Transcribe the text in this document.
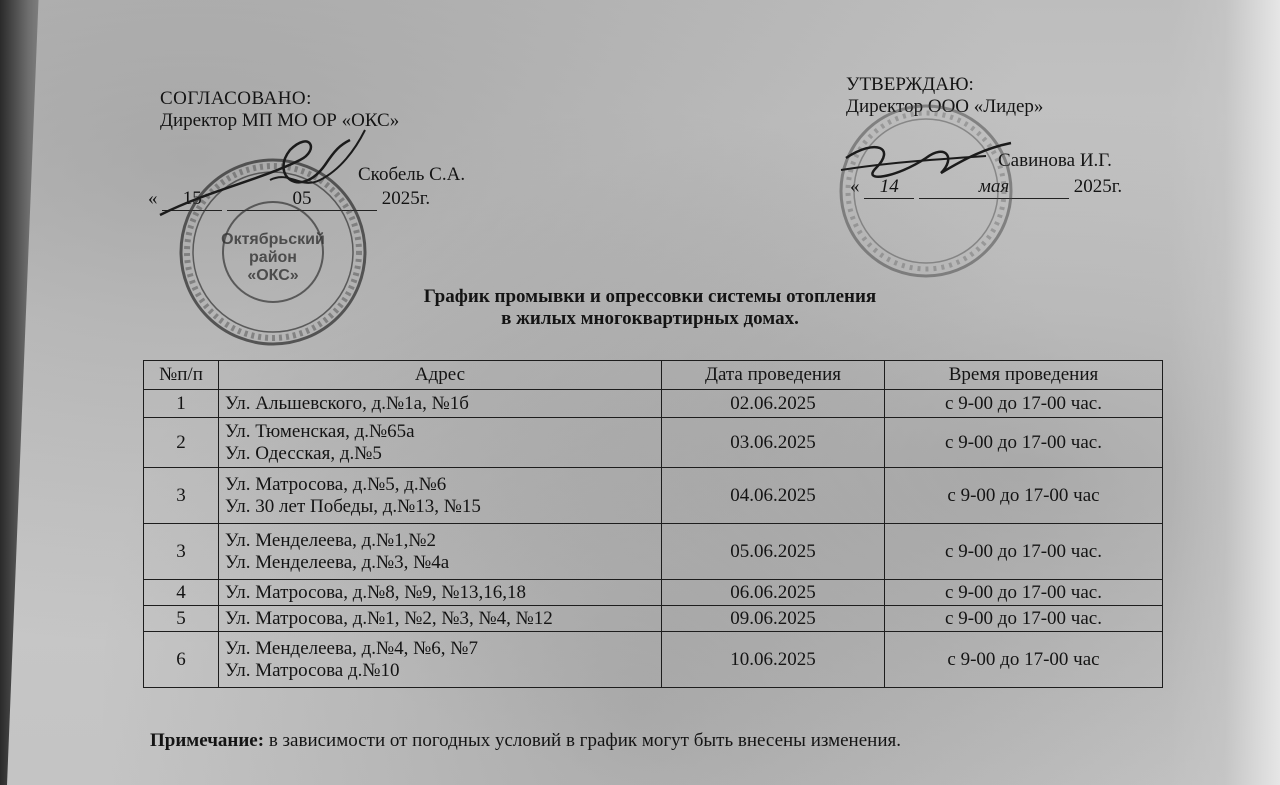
СОГЛАСОВАНО:
Директор МП МО ОР «ОКС»
Скобель С.А.
« 15	05	2025г.
Октябрьский
район
«ОКС»
УТВЕРЖДАЮ:
Директор ООО «Лидер»
Савинова И.Г.
« 14	мая	2025г.
График промывки и опрессовки системы отопления
в жилых многоквартирных домах.
№п/п	Адрес	Дата проведения	Время проведения
1	Ул. Альшевского, д.№1а, №1б	02.06.2025	с 9-00 до 17-00 час.
2	Ул. Тюменская, д.№65а
Ул. Одесская, д.№5	03.06.2025	с 9-00 до 17-00 час.
3	Ул. Матросова, д.№5, д.№6
Ул. 30 лет Победы, д.№13, №15	04.06.2025	с 9-00 до 17-00 час
3	Ул. Менделеева, д.№1,№2
Ул. Менделеева, д.№3, №4а	05.06.2025	с 9-00 до 17-00 час.
4	Ул. Матросова, д.№8, №9, №13,16,18	06.06.2025	с 9-00 до 17-00 час.
5	Ул. Матросова, д.№1, №2, №3, №4, №12	09.06.2025	с 9-00 до 17-00 час.
6	Ул. Менделеева, д.№4, №6, №7
Ул. Матросова д.№10	10.06.2025	с 9-00 до 17-00 час
Примечание: в зависимости от погодных условий в график могут быть внесены изменения.
